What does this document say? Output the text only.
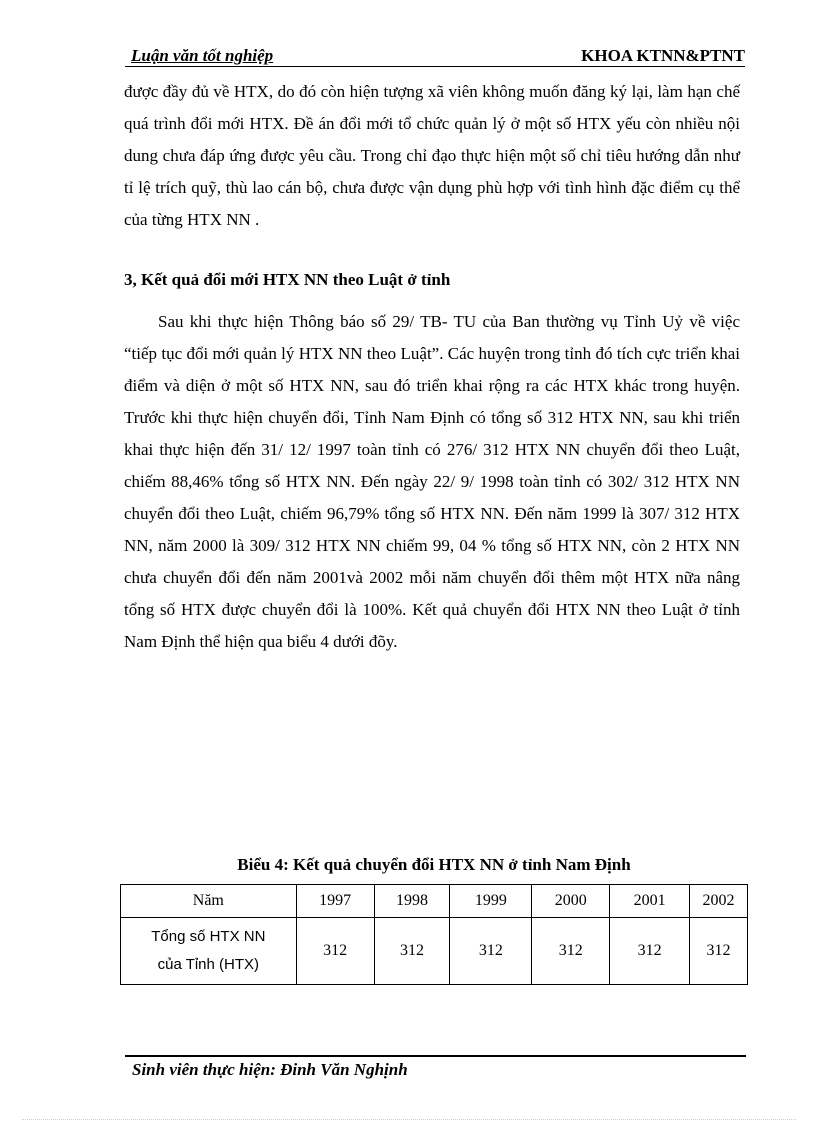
Luận văn tốt nghiệp	KHOA KTNN&PTNT

được đầy đủ về HTX, do đó còn hiện tượng xã viên không muốn đăng ký lại, làm hạn chế quá trình đổi mới HTX. Đề án đổi mới tổ chức quản lý ở một số HTX yếu còn nhiều nội dung chưa đáp ứng được yêu cầu. Trong chỉ đạo thực hiện một số chỉ tiêu hướng dẫn như tỉ lệ trích quỹ, thù lao cán bộ, chưa được vận dụng phù hợp với tình hình đặc điểm cụ thể của từng HTX NN .

3, Kết quả đổi mới HTX NN theo Luật ở tỉnh

Sau khi thực hiện Thông báo số 29/ TB- TU của Ban thường vụ Tỉnh Uỷ về việc “tiếp tục đổi mới quản lý HTX NN theo Luật”. Các huyện trong tỉnh đó tích cực triển khai điểm và diện ở một số HTX NN, sau đó triển khai rộng ra các HTX khác trong huyện. Trước khi thực hiện chuyển đổi, Tỉnh Nam Định có tổng số 312 HTX NN, sau khi triển khai thực hiện đến 31/ 12/ 1997 toàn tỉnh có 276/ 312 HTX NN chuyển đổi theo Luật, chiếm 88,46% tổng số HTX NN. Đến ngày 22/ 9/ 1998 toàn tỉnh có 302/ 312 HTX NN chuyển đổi theo Luật, chiếm 96,79% tổng số HTX NN. Đến năm 1999 là 307/ 312 HTX NN, năm 2000 là 309/ 312 HTX NN chiếm 99, 04 % tổng số HTX NN, còn 2 HTX NN chưa chuyển đổi đến năm 2001và 2002 mỗi năm chuyển đổi thêm một HTX nữa nâng tổng số HTX được chuyển đổi là 100%. Kết quả chuyển đổi HTX NN theo Luật ở tỉnh Nam Định thể hiện qua biểu 4 dưới đõy.

Biểu 4: Kết quả chuyển đổi HTX NN ở tỉnh Nam Định
Năm	1997	1998	1999	2000	2001	2002

Tổng số HTX NN
của Tỉnh (HTX)	312	312	312	312	312	312
Sinh viên thực hiện: Đinh Văn Nghịnh
